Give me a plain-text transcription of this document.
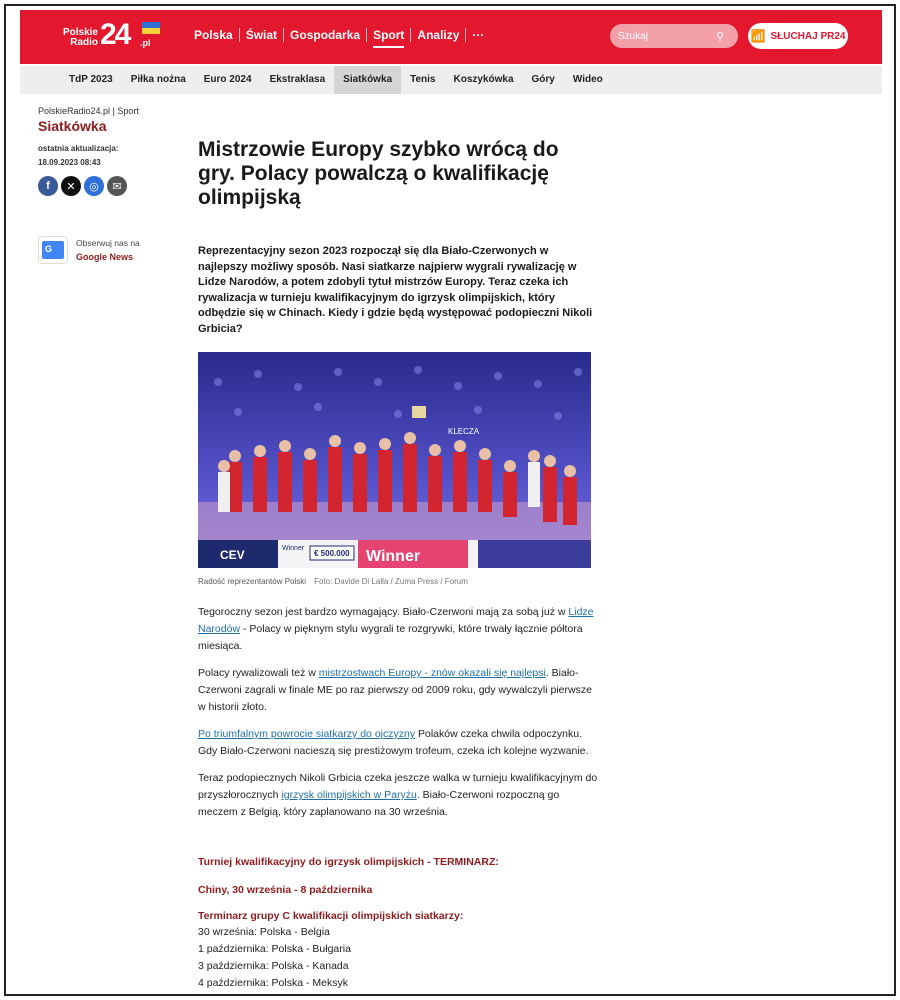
Polskie
Radio 24 .pl
Polska	Świat	Gospodarka	Sport	Analizy	···
Szukaj	⚲ 📶 SŁUCHAJ PR24
TdP 2023	Piłka nożna	Euro 2024	Ekstraklasa	Siatkówka	Tenis	Koszykówka	Góry	Wideo
PolskieRadio24.pl | Sport
Siatkówka
ostatnia aktualizacja:
18.09.2023 08:43
f ✕ ◎ ✉
G
Obserwuj nas na
Google News
Mistrzowie Europy szybko wrócą do gry. Polacy powalczą o kwalifikację olimpijską
Reprezentacyjny sezon 2023 rozpoczął się dla Biało-Czerwonych w najlepszy możliwy sposób. Nasi siatkarze najpierw wygrali rywalizację w Lidze Narodów, a potem zdobyli tytuł mistrzów Europy. Teraz czeka ich rywalizacja w turnieju kwalifikacyjnym do igrzysk olimpijskich, który odbędzie się w Chinach. Kiedy i gdzie będą występować podopieczni Nikoli Grbicia?
KLECZA
CEV	Winner
€ 500.000 Winner
Radość reprezentantów Polski Foto: Davide Di Lalla / Zuma Press / Forum

Tegoroczny sezon jest bardzo wymagający. Biało-Czerwoni mają za sobą już w Lidze Narodów - Polacy w pięknym stylu wygrali te rozgrywki, które trwały łącznie półtora miesiąca.

Polacy rywalizowali też w mistrzostwach Europy - znów okazali się najlepsi. Biało-Czerwoni zagrali w finale ME po raz pierwszy od 2009 roku, gdy wywalczyli pierwsze w historii złoto.

Po triumfalnym powrocie siatkarzy do ojczyzny Polaków czeka chwila odpoczynku. Gdy Biało-Czerwoni nacieszą się prestiżowym trofeum, czeka ich kolejne wyzwanie.

Teraz podopiecznych Nikoli Grbicia czeka jeszcze walka w turnieju kwalifikacyjnym do przyszłorocznych igrzysk olimpijskich w Paryżu. Biało-Czerwoni rozpoczną go meczem z Belgią, który zaplanowano na 30 września.

Turniej kwalifikacyjny do igrzysk olimpijskich - TERMINARZ:
Chiny, 30 września - 8 października
Terminarz grupy C kwalifikacji olimpijskich siatkarzy:
30 września: Polska - Belgia
1 października: Polska - Bułgaria
3 października: Polska - Kanada
4 października: Polska - Meksyk
